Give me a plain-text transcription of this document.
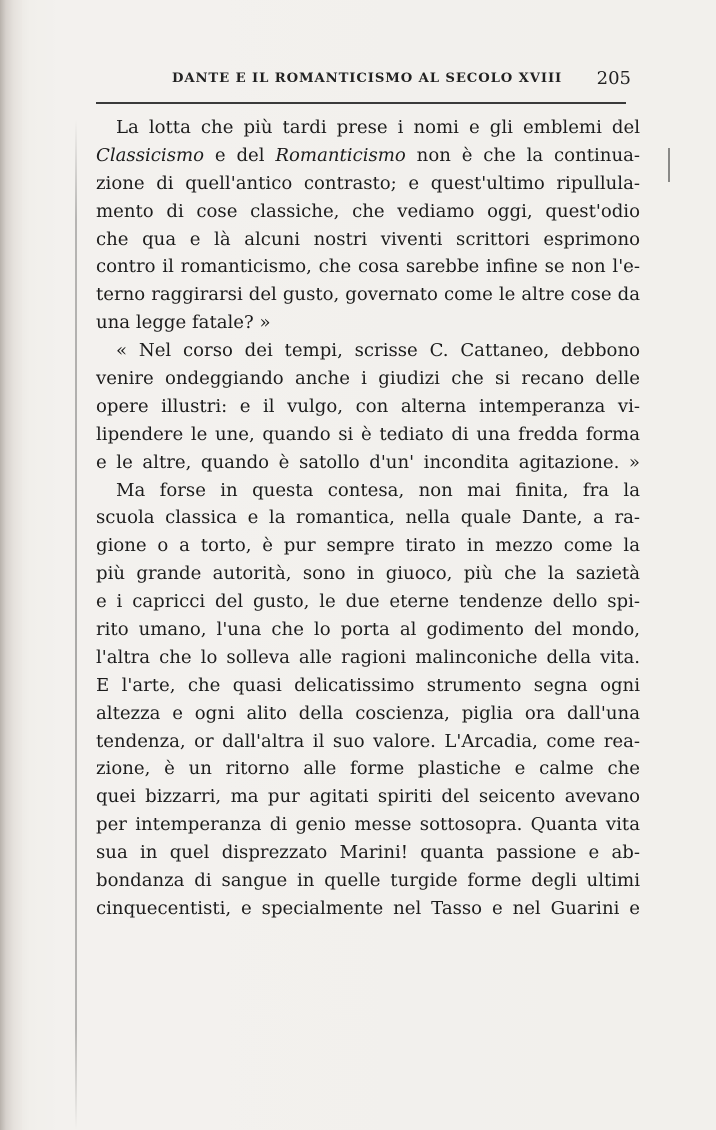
DANTE E IL ROMANTICISMO AL SECOLO XVIII 205
La lotta che più tardi prese i nomi e gli emblemi del
Classicismo e del Romanticismo non è che la continua-
zione di quell'antico contrasto; e quest'ultimo ripullula-
mento di cose classiche, che vediamo oggi, quest'odio
che qua e là alcuni nostri viventi scrittori esprimono
contro il romanticismo, che cosa sarebbe infine se non l'e-
terno raggirarsi del gusto, governato come le altre cose da
una legge fatale? »
« Nel corso dei tempi, scrisse C. Cattaneo, debbono
venire ondeggiando anche i giudizi che si recano delle
opere illustri: e il vulgo, con alterna intemperanza vi-
lipendere le une, quando si è tediato di una fredda forma
e le altre, quando è satollo d'un' incondita agitazione. »
Ma forse in questa contesa, non mai finita, fra la
scuola classica e la romantica, nella quale Dante, a ra-
gione o a torto, è pur sempre tirato in mezzo come la
più grande autorità, sono in giuoco, più che la sazietà
e i capricci del gusto, le due eterne tendenze dello spi-
rito umano, l'una che lo porta al godimento del mondo,
l'altra che lo solleva alle ragioni malinconiche della vita.
E l'arte, che quasi delicatissimo strumento segna ogni
altezza e ogni alito della coscienza, piglia ora dall'una
tendenza, or dall'altra il suo valore. L'Arcadia, come rea-
zione, è un ritorno alle forme plastiche e calme che
quei bizzarri, ma pur agitati spiriti del seicento avevano
per intemperanza di genio messe sottosopra. Quanta vita
sua in quel disprezzato Marini! quanta passione e ab-
bondanza di sangue in quelle turgide forme degli ultimi
cinquecentisti, e specialmente nel Tasso e nel Guarini e
